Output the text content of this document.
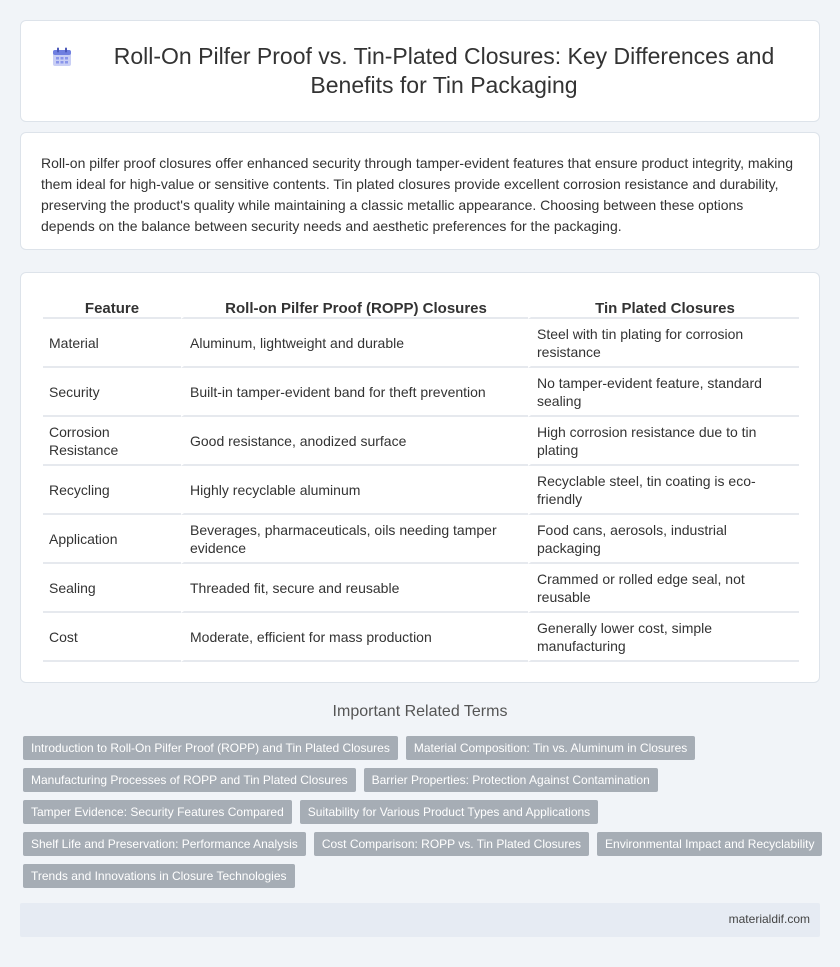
Roll-On Pilfer Proof vs. Tin-Plated Closures: Key Differences and Benefits for Tin Packaging

Roll-on pilfer proof closures offer enhanced security through tamper-evident features that ensure product integrity, making them ideal for high-value or sensitive contents. Tin plated closures provide excellent corrosion resistance and durability, preserving the product's quality while maintaining a classic metallic appearance. Choosing between these options depends on the balance between security needs and aesthetic preferences for the packaging.

Feature	Roll-on Pilfer Proof (ROPP) Closures	Tin Plated Closures
Material	Aluminum, lightweight and durable	Steel with tin plating for corrosion resistance
Security	Built-in tamper-evident band for theft prevention	No tamper-evident feature, standard sealing
Corrosion Resistance	Good resistance, anodized surface	High corrosion resistance due to tin plating
Recycling	Highly recyclable aluminum	Recyclable steel, tin coating is eco-friendly
Application	Beverages, pharmaceuticals, oils needing tamper evidence	Food cans, aerosols, industrial packaging
Sealing	Threaded fit, secure and reusable	Crammed or rolled edge seal, not reusable
Cost	Moderate, efficient for mass production	Generally lower cost, simple manufacturing
Important Related Terms
Introduction to Roll-On Pilfer Proof (ROPP) and Tin Plated Closures	Material Composition: Tin vs. Aluminum in Closures
Manufacturing Processes of ROPP and Tin Plated Closures	Barrier Properties: Protection Against Contamination
Tamper Evidence: Security Features Compared	Suitability for Various Product Types and Applications
Shelf Life and Preservation: Performance Analysis	Cost Comparison: ROPP vs. Tin Plated Closures	Environmental Impact and Recyclability
Trends and Innovations in Closure Technologies
materialdif.com
